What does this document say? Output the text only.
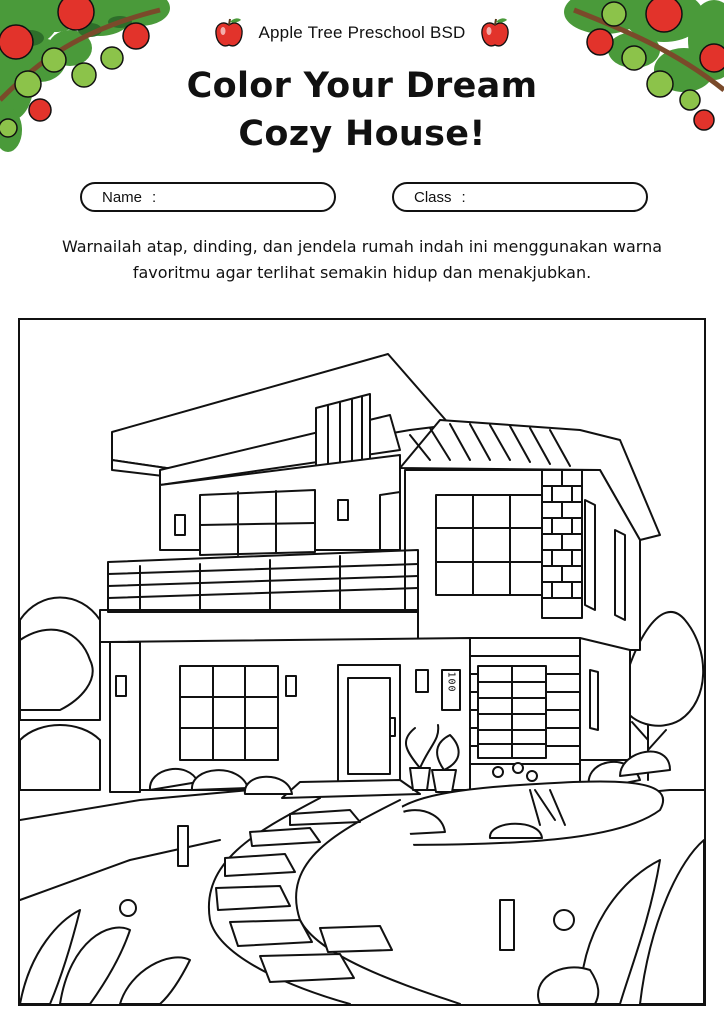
Apple Tree Preschool BSD
Color Your Dream
Cozy House!
Name :	Class :
Warnailah atap, dinding, dan jendela rumah indah ini menggunakan warna favoritmu agar terlihat semakin hidup dan menakjubkan.
100
